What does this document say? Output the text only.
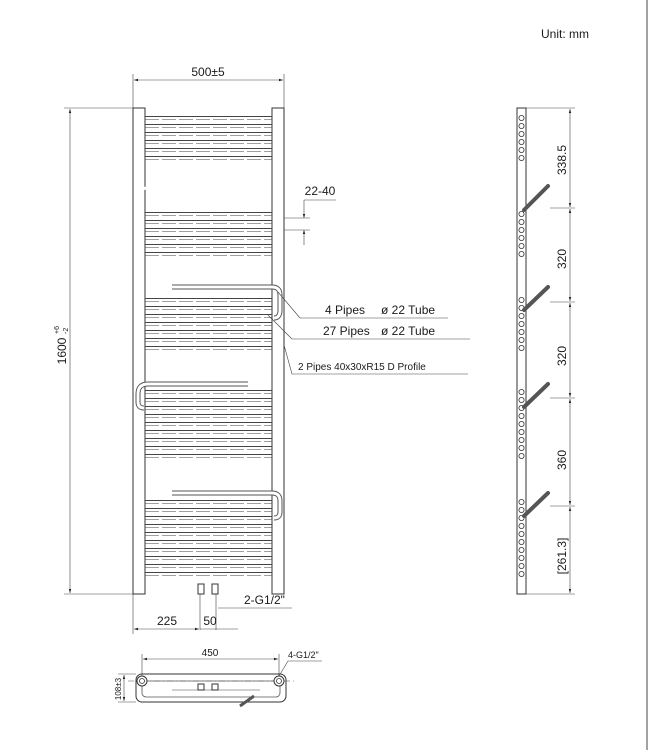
Unit: mm
500±5
1600
+6 -2
22-40
4 Pipes ø 22 Tube
27 Pipes ø 22 Tube
2 Pipes 40x30xR15 D Profile
225 50
2-G1/2"
338.5
320
320
360
[261.3]
450	4-G1/2"
108±3
